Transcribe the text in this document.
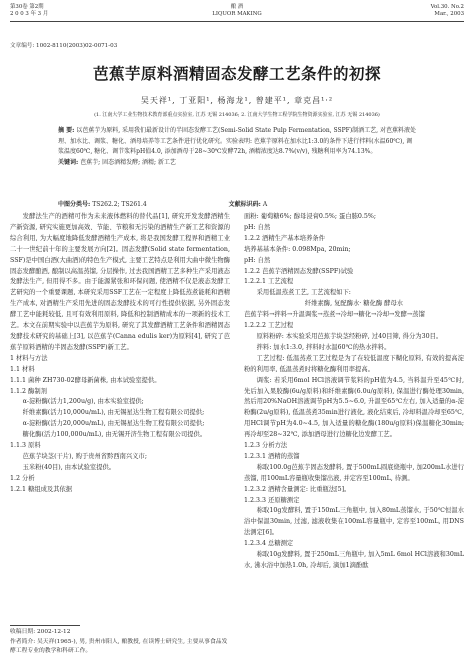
第30卷 第2期
2 0 0 3 年 3 月
酿 酒
LIQUOR MAKING
Vol.30. No.2
Mar., 2003
文章编号: 1002-8110(2003)02-0071-03
芭蕉芋原料酒精固态发酵工艺条件的初探
吴天祥¹, 丁亚阳¹, 杨海龙¹, 曾建平¹, 章克昌¹·²
(1. 江南大学工业生物技术教育部重点实验室, 江苏 无锡 214036; 2. 江南大学生物工程学院生物资源实验室, 江苏 无锡 214036)
摘 要: 以芭蕉芋为原料, 采用我们最新设计的半固态发酵工艺(Semi-Solid State Pulp Fermentation, SSPF)制酒工艺, 对芭蕉料液处理、加水比、调浆、糖化、酒母培养等工艺条件进行优化研究。实验表明: 芭蕉芋原料在加水比1:3.0的条件下进行拌料(水温60℃), 调浆温度60℃, 糖化、调节浆料pH值4.0, 添加酒母于28~30℃发酵72h, 酒精浓度达8.7%(v/v), 残糖利用率为74.13%。
关键词: 芭蕉芋; 固态酒精发酵; 酒精; 新工艺
中图分类号: TS262.2; TS261.4	文献标识码: A

发酵法生产的酒精可作为未来液体燃料的替代品[1], 研究开发发酵酒精生产新资源, 研究实施更加高效、节能、节粮和无污染的酒精生产新工艺和资源的综合利用, 为大幅度地降低发酵酒精生产成本, 将是我国发酵工程界和酒精工业二十一世纪前十年的主要发展方向[2]。固态发酵(Solid state fermentation, SSF)是中国白酒(大曲酒)的特色生产模式, 主要工艺特点是利用大曲中微生物酶固态发酵酿酒, 酿制以高温蒸馏, 分层操作, 过去我国酒精工艺多种生产采用液态发酵法生产, 但用得不多。由于能源紧张和环保问题, 使酒精不仅是液态发酵工艺研究的一个重要课题, 本研究采用SSF工艺在一定程度上降低蒸煮能耗和酒精生产成本, 对酒精生产采用先进的固态发酵技术的可行性提供依据, 另外固态发酵工艺中能耗较低, 且可有效利用原料, 降低和控制酒精成本的一项新的技术工艺。本文在前期实验中以芭蕉芋为原料, 研究了其发酵酒精工艺条件和酒精固态发酵技术研究的基础上[3], 以芭蕉芋(Canna edulis ker)为原料[4], 研究了芭蕉芋原料酒精的半固态发酵(SSPF)新工艺。

1 材料与方法

1.1 材料

1.1.1 菌种 ZH730-02酵母新菌株, 由本试验室提供。

1.1.2 酶制剂

α-淀粉酶(活力1,200u/g), 由本实验室提供;

纤维素酶(活力10,000u/mL), 由无锡星达生物工程有限公司提供;

α-淀粉酶(活力20,000u/mL), 由无锡星达生物工程有限公司提供;

糖化酶(活力100,000u/mL), 由无锡开济生物工程有限公司提供。

1.1.3 原料

芭蕉芋块茎(干片), 购于贵州省黔西南兴义市;

玉米粉(40目), 由本试验室提供。

1.2 分析

1.2.1 糖组成及其依据

面粉: 葡萄糖6%; 醇母浸膏0.5%; 蛋白胨0.5%;

pH: 自然

1.2.2 酒精生产基本培养条件

培养基基本条件: 0.098Mpa, 20min;

pH: 自然

1.2.2 芭蕉芋酒精固态发酵(SSPF)试验

1.2.2.1 工艺流程

采用低温蒸煮工艺, 工艺流程如下:

纤维素酶, 复配酶水· 糖化酶 酵母水

芭蕉芋料→拌料→升温调浆→蒸煮→冷却→糖化→冷却→发酵→蒸馏

1.2.2.2 工艺过程

原料粉碎: 本实验采用芭蕉芋块茎经粉碎, 过40目筛, 得分为30目。

拌料: 加水1:3.0, 拌料时水温60℃的热水拌料。

工艺过程: 低温蒸煮工艺过程是为了在较低温度下糊化原料, 有效的提高淀粉的利用率, 低温蒸煮时将糖化酶利用率提高。

调浆: 若采用6mol HCl溶液调节浆料的pH值为4.5, 当料温升至45℃时, 先后加入果胶酶(6u/g原料)和纤维素酶(6.0u/g原料), 保温进行酶处理30min, 然后用20%NaOH溶液调节pH为5.5~6.0, 升温至65℃左右, 加入适量的α-淀粉酶(2u/g原料), 低温蒸煮35min进行液化, 液化结束后, 冷却料温冷却至65℃, 用HCl调节pH为4.0~4.5, 加入适量的糖化酶(180u/g原料)保温糖化30min; 再冷却至28~32℃, 添加酒母进行边糖化边发酵工艺。

1.2.3 分析方法

1.2.3.1 酒精的蒸馏

称取100.0g芭蕉芋固态发酵料, 置于500mL圆底烧瓶中, 加200mL水进行蒸馏, 用100mL容量瓶收集馏出液, 并定容至100mL, 待测。

1.2.3.2 酒精含量测定: 比重瓶法[5]。

1.2.3.3 还原糖测定

称取10g发酵料, 置于150mL三角瓶中, 加入80mL蒸馏水, 于50℃恒温水浴中保温30min, 过滤, 滤液收集在100mL容量瓶中, 定容至100mL, 用DNS法测定[6]。

1.2.3.4 总糖测定

称取10g发酵料, 置于250mL三角瓶中, 加入5mL 6mol HCl溶液和30mL水, 沸水浴中加热1.0h, 冷却后, 滴加1滴酚酞

收稿日期: 2002-12-12
作者简介: 吴天祥(1965-), 男, 贵州市阳人, 酿教授, 在读博士研究生, 主要从事食品发酵工程专业的教学和科研工作。
